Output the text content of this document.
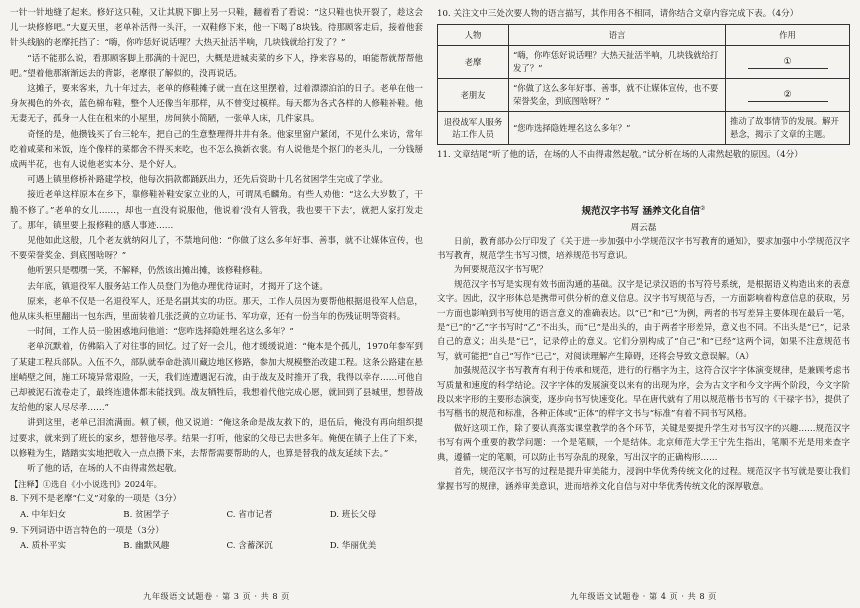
一针一针地缝了起来。修好这只鞋，又让其脱下脚上另一只鞋，翻着看了看说：“这只鞋也快开裂了，趁这会儿一块修修吧。”大夏天里，老单补活得一头汗，一双鞋修下来，他一下喝了8块钱。待那顾客走后，接着他套针头线脑的老摩托挡了：“嗨，你咋恁好说话哩？大热天扯活半响，几块钱就给打发了？”

“话不能那么说，看那顾客脚上那满的十泥巴，大概是进城卖菜的乡下人，挣来容易的，咱能帮就帮帮他吧。”望着他那渐渐远去的背影，老摩很了解似的，没再说话。

这摊子，要来客来，九十年过去，老单的修鞋摊子就一直在这里摆着，过着漂漂泊泊的日子。老单在他一身灰褐色的外衣，蓝色棉布鞋，整个人还像当年那样，从不曾变过模样。每天都为各式各样的人修鞋补鞋。他无妻无子，孤身一人住在租来的小屋里，房间狭小简陋，一张单人床，几件家具。

奇怪的是，他攒钱买了台三轮车，把自己的生意整理得井井有条。他家里窗户紧闭，不见什么来访，常年吃着咸菜和米饭，连个像样的菜都舍不得买来吃，也不怎么换新衣裳。有人说他是个抠门的老头儿，一分钱掰成两半花，也有人说他老实本分、是个好人。

可遇上镇里修桥补路建学校，他每次捐款都踊跃出力，还先后资助十几名贫困学生完成了学业。

接近老单这样原本在乡下，靠修鞋补鞋安家立业的人，可谓凤毛麟角。有些人劝他：“这么大岁数了，干脆不修了。”老单的女儿……，却也一直没有说服他，他说着‘没有人管我，我也要干下去’，就把人家打发走了。那年，镇里要上报修鞋的感人事迹……

见他如此这般，几个老友就纳闷儿了，不禁地问他：“你做了这么多年好事、善事，就不让媒体宣传，也不要荣誉奖金、到底图啥呀？”

他听罢只是嘿嘿一笑，不解释，仍然该出摊出摊，该修鞋修鞋。

去年底，镇退役军人服务站工作人员登门为他办理优待证时，才揭开了这个谜。

原来，老单不仅是一名退役军人，还是名副其实的功臣。那天，工作人员因为要帮他根据退役军人信息，他从床头柜里翻出一包东西，里面装着几张泛黄的立功证书、军功章，还有一份当年的伤残证明等资料。

一时间，工作人员一脸困惑地问他道：“您咋选择隐姓埋名这么多年？”

老单沉默着，仿佛陷入了对往事的回忆。过了好一会儿，他才缓缓说道：“俺本是个孤儿，1970年参军到了某建工程兵部队。入伍不久，部队就奉命赴滇川藏边地区修路，参加大规模整治改建工程。这条公路建在悬崖峭壁之间，施工环境异常艰险，一天，我们连遭遇泥石流，由于战友及时推开了我，我得以幸存……可他自己却被泥石流卷走了，最终连遗体都未能找到。战友牺牲后，我想着代他完成心愿，就回到了县城里，想替战友给他的家人尽尽孝……”

讲到这里，老单已泪流满面。顿了顿，他又说道：“俺这条命是战友救下的，退伍后，俺没有再向组织提过要求，就来到了班长的家乡，想替他尽孝。结果一打听，他家的父母已去世多年。俺便在镇子上住了下来，以修鞋为生，踏踏实实地把收入一点点攒下来，去帮帮需要帮助的人，也算是替我的战友延续下去。”

听了他的话，在场的人不由得肃然起敬。

【注释】①选自《小小说选刊》2024年。

8. 下列不是老摩“仁义”对象的一项是（3分）

A. 中年妇女	B. 贫困学子	C. 省市记者	D. 班长父母

9. 下列词语中语言特色的一项是（3分）

A. 质朴平实	B. 幽默风趣	C. 含蓄深沉	D. 华丽优美
九年级语文试题卷 · 第 3 页 · 共 8 页

10. 关注文中三处次要人物的语言描写，其作用各不相同，请你结合文章内容完成下表。（4分）

人物	语言	作用
老摩	“嗨，你咋恁好说话哩？大热天扯活半响，几块钱就给打发了？”	①
老朋友	“你做了这么多年好事、善事，就不让媒体宣传，也不要荣誉奖金，到底图啥呀？”	②
退役战军人服务站工作人员	“您咋选择隐姓埋名这么多年？”	推动了故事情节的发展。解开悬念，揭示了文章的主题。

11. 文章结尾“听了他的话，在场的人不由得肃然起敬。”试分析在场的人肃然起敬的原因。（4分）

规范汉字书写 涵养文化自信②

周云磊

日前，教育部办公厅印发了《关于进一步加强中小学规范汉字书写教育的通知》，要求加强中小学规范汉字书写教育，规范学生书写习惯，培养规范书写意识。

为何要规范汉字书写呢？

规范汉字书写是实现有效书面沟通的基础。汉字是记录汉语的书写符号系统，是根据语义构造出来的表意文字。因此，汉字形体总是携带可供分析的意义信息。汉字书写规范与否，一方面影响着构意信息的获取，另一方面也影响到书写使用的语言意义的准确表达。以“已”和“已”为例，两者的书写差异主要体现在最后一笔，是“已”的“乙”字书写时“乙”不出头，而“已”是出头的，由于两者字形差异，意义也不同。不出头是“已”，记录自己的意义；出头是“已”，记录停止的意义。它们分别构成了“自己”和“已经”这两个词，如果不注意规范书写，就可能把“自己”写作“已己”，对阅读理解产生障碍，还将会导致文意误解。（A）

加强规范汉字书写教育有利于传承和规范，进行的行楷字为主，这符合汉字字体演变规律，是兼顾考虑书写质量和速度的科学结论。汉字字体的发展演变以来有的出现为序，会为古文字和今文字两个阶段，今文字阶段以来字形的主要形态演变，逐步向书写快速变化。早在唐代就有了用以规范楷书书写的《干禄字书》，提供了书写楷书的规范和标准，各种正体或“正体”的样字文书与“标准”有着不同书写风格。

做好这项工作，除了要认真落实课堂教学的各个环节，关键是要提升学生对书写汉字的兴趣……规范汉字书写有两个重要的教学问题：一个是笔顺，一个是结体。北京师范大学王宁先生指出，笔顺不光是用来查字典，遵循一定的笔顺，可以防止书写杂乱的现象，写出汉字的正确构形……

首先，规范汉字书写的过程是提升审美能力，浸润中华优秀传统文化的过程。规范汉字书写就是要让我们掌握书写的规律，涵养审美意识，进而培养文化自信与对中华优秀传统文化的深厚敬意。

九年级语文试题卷 · 第 4 页 · 共 8 页
